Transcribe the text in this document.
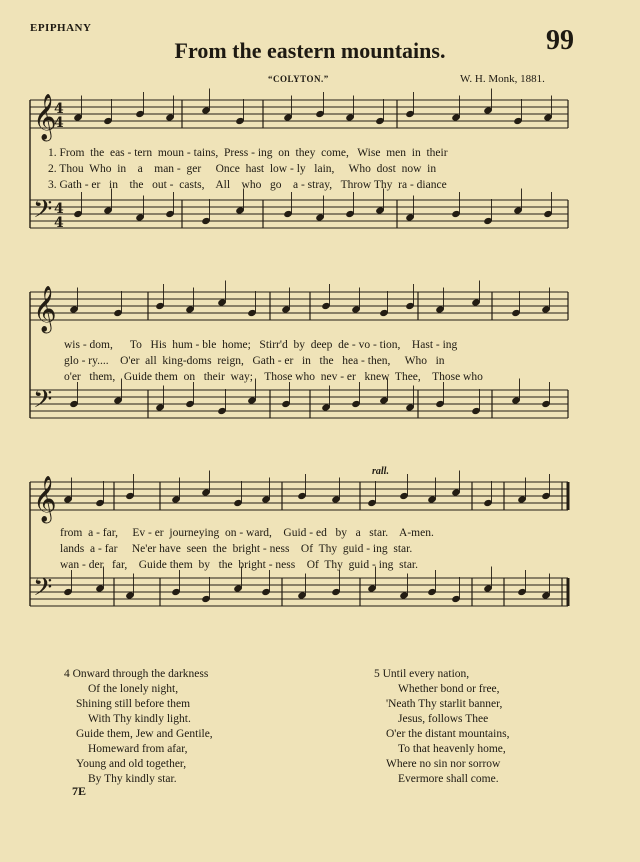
EPIPHANY	99
From the eastern mountains.
“COLYTON.”	W. H. Monk, 1881.
𝄞
𝄢
4
4
4
4
𝄞
𝄢
𝄞
𝄢
1. From  the  eas - tern  moun - tains,  Press - ing  on  they  come,   Wise  men  in  their
2. Thou  Who  in    a    man -  ger     Once  hast  low - ly   lain,     Who  dost  now  in
3. Gath - er   in    the   out -  casts,    All    who   go    a - stray,   Throw Thy  ra - diance
wis - dom,      To   His  hum - ble  home;   Stirr'd  by  deep  de - vo - tion,    Hast - ing
glo - ry....    O'er  all  king-doms  reign,   Gath - er   in   the   hea - then,     Who   in
o'er   them,   Guide them  on   their  way;    Those who  nev - er   knew  Thee,    Those who
rall.
from  a - far,     Ev - er  journeying  on - ward,    Guid - ed   by   a   star.    A-men.
lands  a - far     Ne'er have  seen  the  bright - ness    Of  Thy  guid - ing  star.
wan - der   far,    Guide them  by   the  bright - ness    Of  Thy  guid - ing  star.
4 Onward through the darkness
Of the lonely night,
Shining still before them
With Thy kindly light.
Guide them, Jew and Gentile,
Homeward from afar,
Young and old together,
By Thy kindly star.
5 Until every nation,
Whether bond or free,
'Neath Thy starlit banner,
Jesus, follows Thee
O'er the distant mountains,
To that heavenly home,
Where no sin nor sorrow
Evermore shall come.
7E
